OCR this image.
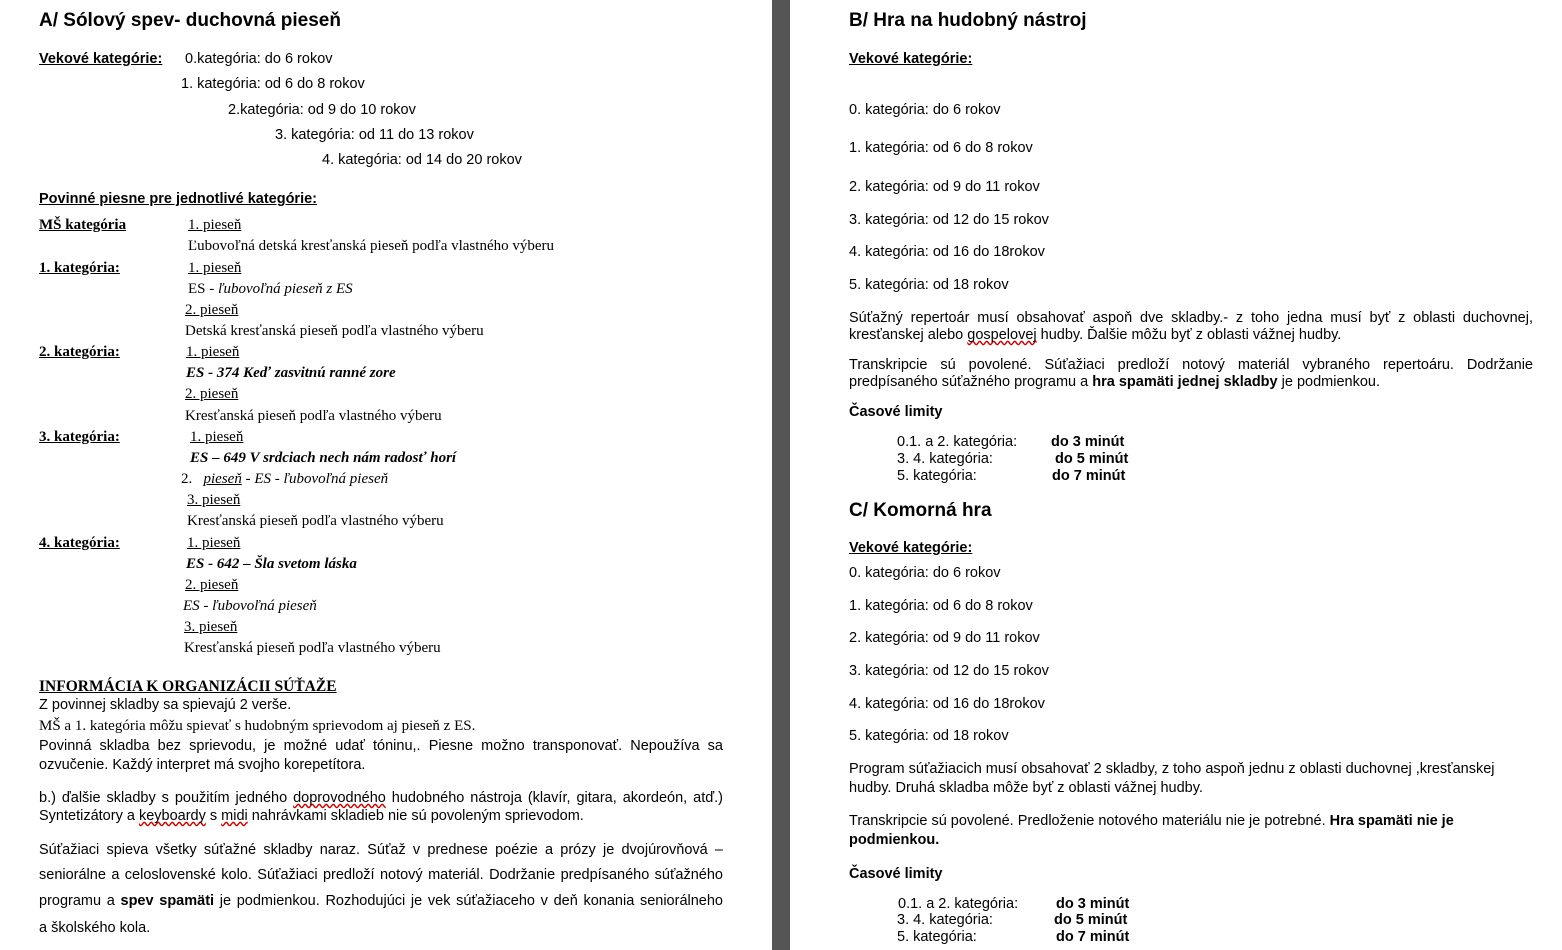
A/ Sólový spev- duchovná pieseň
Vekové kategórie: 0.kategória: do 6 rokov
1. kategória: od 6 do 8 rokov
2.kategória: od 9 do 10 rokov
3. kategória: od 11 do 13 rokov
4. kategória: od 14 do 20 rokov
Povinné piesne pre jednotlivé kategórie:
MŠ kategória	1. pieseň
Ľubovoľná detská kresťanská pieseň podľa vlastného výberu
1. kategória:	1. pieseň
ES - ľubovoľná pieseň z ES
2. pieseň
Detská kresťanská pieseň podľa vlastného výberu
2. kategória:	1. pieseň
ES - 374 Keď zasvitnú ranné zore
2. pieseň
Kresťanská pieseň podľa vlastného výberu
3. kategória:	1. pieseň
ES – 649 V srdciach nech nám radosť horí
2. pieseň - ES - ľubovoľná pieseň
3. pieseň
Kresťanská pieseň podľa vlastného výberu
4. kategória:	1. pieseň
ES - 642 – Šla svetom láska
2. pieseň
ES - ľubovoľná pieseň
3. pieseň
Kresťanská pieseň podľa vlastného výberu
INFORMÁCIA K ORGANIZÁCII SÚŤAŽE
Z povinnej skladby sa spievajú 2 verše.
MŠ a 1. kategória môžu spievať s hudobným sprievodom aj pieseň z ES.
Povinná skladba bez sprievodu, je možné udať tóninu,. Piesne možno transponovať. Nepoužíva sa
ozvučenie. Každý interpret má svojho korepetítora.
b.) ďalšie skladby s použitím jedného doprovodného hudobného nástroja (klavír, gitara, akordeón, atď.)
Syntetizátory a keyboardy s midi nahrávkami skladieb nie sú povoleným sprievodom.
Súťažiaci spieva všetky súťažné skladby naraz. Súťaž v prednese poézie a prózy je dvojúrovňová –
seniorálne a celoslovenské kolo. Súťažiaci predloží notový materiál. Dodržanie predpísaného súťažného
programu a spev spamäti je podmienkou. Rozhodujúci je vek súťažiaceho v deň konania seniorálneho
a školského kola.
B/ Hra na hudobný nástroj
Vekové kategórie:
0. kategória: do 6 rokov
1. kategória: od 6 do 8 rokov
2. kategória: od 9 do 11 rokov
3. kategória: od 12 do 15 rokov
4. kategória: od 16 do 18rokov
5. kategória: od 18 rokov
Súťažný repertoár musí obsahovať aspoň dve skladby.- z toho jedna musí byť z oblasti duchovnej,
kresťanskej alebo gospelovej hudby. Ďalšie môžu byť z oblasti vážnej hudby.
Transkripcie sú povolené. Súťažiaci predloží notový materiál vybraného repertoáru. Dodržanie
predpísaného súťažného programu a hra spamäti jednej skladby je podmienkou.
Časové limity
0.1. a 2. kategória: do 3 minút
3. 4. kategória:	do 5 minút
5. kategória:	do 7 minút
C/ Komorná hra
Vekové kategórie:
0. kategória: do 6 rokov
1. kategória: od 6 do 8 rokov
2. kategória: od 9 do 11 rokov
3. kategória: od 12 do 15 rokov
4. kategória: od 16 do 18rokov
5. kategória: od 18 rokov
Program súťažiacich musí obsahovať 2 skladby, z toho aspoň jednu z oblasti duchovnej ,kresťanskej
hudby. Druhá skladba môže byť z oblasti vážnej hudby.
Transkripcie sú povolené. Predloženie notového materiálu nie je potrebné. Hra spamäti nie je
podmienkou.
Časové limity
0.1. a 2. kategória:	do 3 minút
3. 4. kategória:	do 5 minút
5. kategória:	do 7 minút
